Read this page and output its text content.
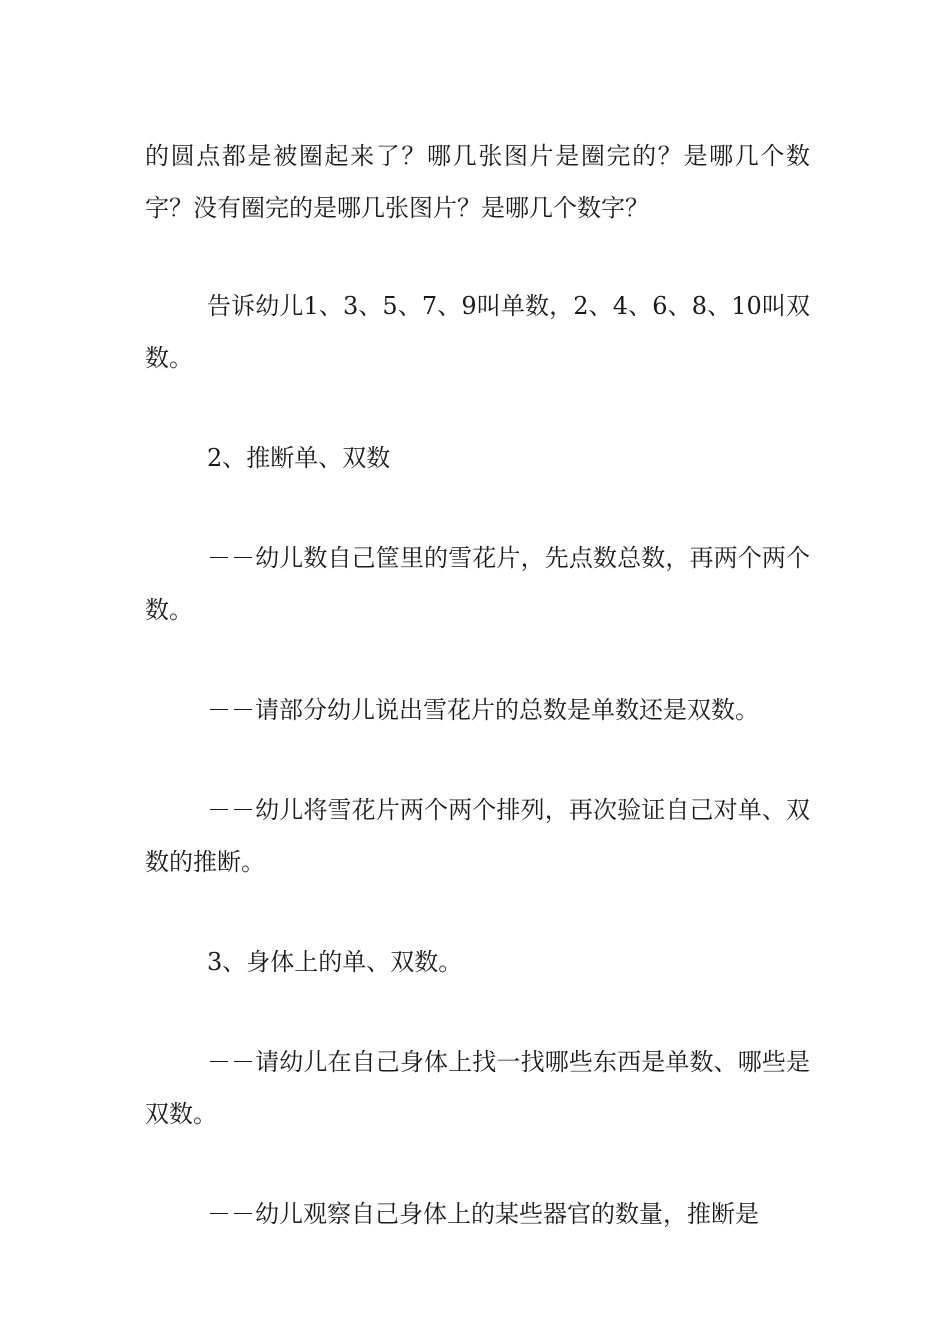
的圆点都是被圈起来了？哪几张图片是圈完的？是哪几个数字？没有圈完的是哪几张图片？是哪几个数字？

告诉幼儿1、3、5、7、9叫单数，2、4、6、8、10叫双数。

2、推断单、双数

－－幼儿数自己筐里的雪花片，先点数总数，再两个两个数。

－－请部分幼儿说出雪花片的总数是单数还是双数。

－－幼儿将雪花片两个两个排列，再次验证自己对单、双数的推断。

3、身体上的单、双数。

－－请幼儿在自己身体上找一找哪些东西是单数、哪些是双数。

－－幼儿观察自己身体上的某些器官的数量，推断是
